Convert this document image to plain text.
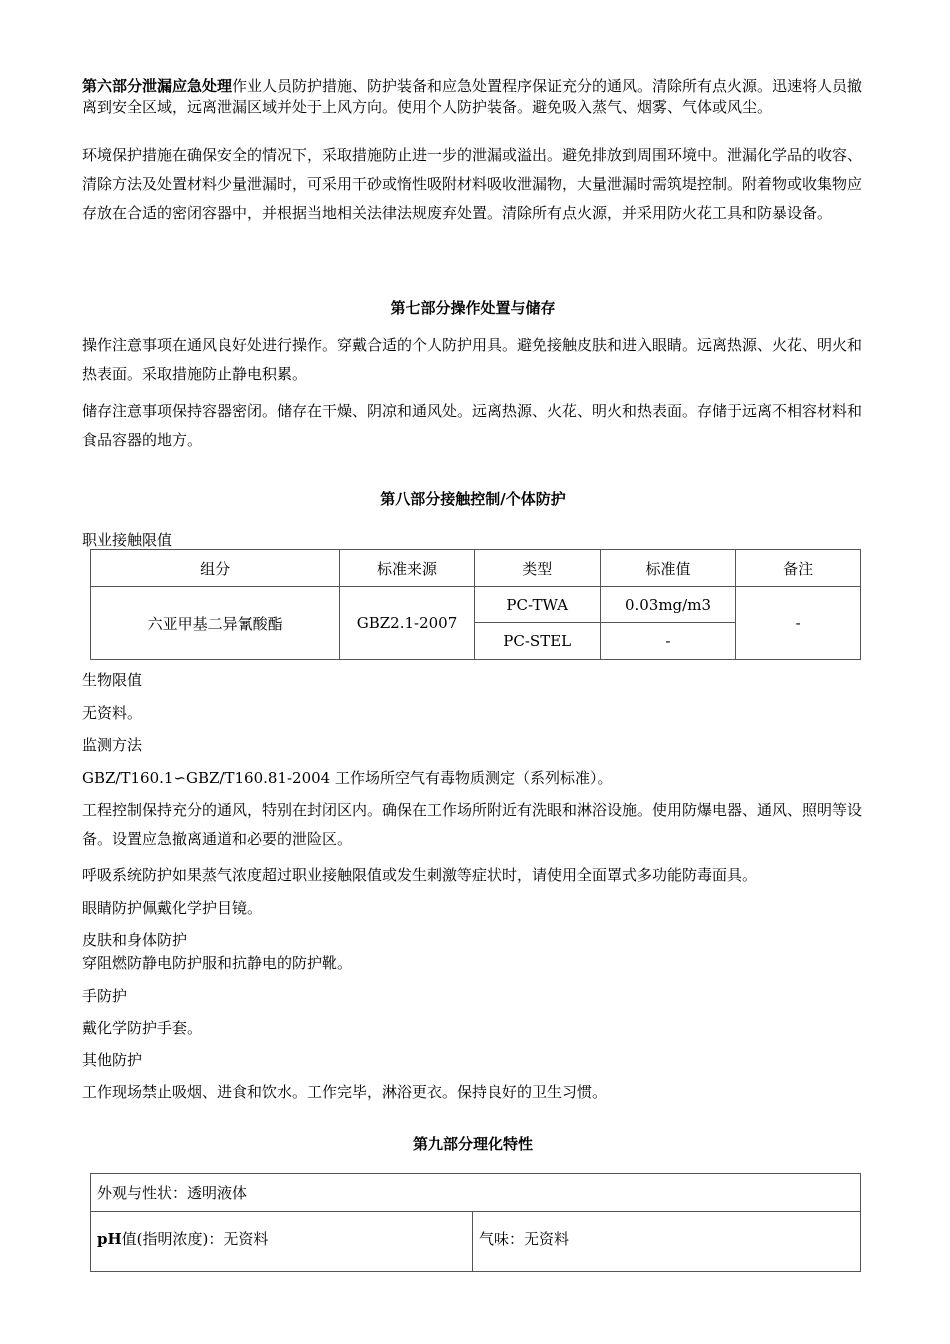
第六部分泄漏应急处理作业人员防护措施、防护装备和应急处置程序保证充分的通风。清除所有点火源。迅速将人员撤离到安全区域，远离泄漏区域并处于上风方向。使用个人防护装备。避免吸入蒸气、烟雾、气体或风尘。

环境保护措施在确保安全的情况下，采取措施防止进一步的泄漏或溢出。避免排放到周围环境中。泄漏化学品的收容、清除方法及处置材料少量泄漏时，可采用干砂或惰性吸附材料吸收泄漏物，大量泄漏时需筑堤控制。附着物或收集物应存放在合适的密闭容器中，并根据当地相关法律法规废弃处置。清除所有点火源，并采用防火花工具和防暴设备。

第七部分操作处置与储存

操作注意事项在通风良好处进行操作。穿戴合适的个人防护用具。避免接触皮肤和进入眼睛。远离热源、火花、明火和热表面。采取措施防止静电积累。

储存注意事项保持容器密闭。储存在干燥、阴凉和通风处。远离热源、火花、明火和热表面。存储于远离不相容材料和食品容器的地方。

第八部分接触控制/个体防护
职业接触限值
组分	标准来源	类型	标准值	备注
六亚甲基二异氰酸酯	GBZ2.1-2007	PC-TWA	0.03mg/m3	-
		PC-STEL	-	
生物限值
无资料。
监测方法
GBZ/T160.1∽GBZ/T160.81-2004 工作场所空气有毒物质测定（系列标准）。

工程控制保持充分的通风，特别在封闭区内。确保在工作场所附近有洗眼和淋浴设施。使用防爆电器、通风、照明等设备。设置应急撤离通道和必要的泄险区。

呼吸系统防护如果蒸气浓度超过职业接触限值或发生刺激等症状时，请使用全面罩式多功能防毒面具。

眼睛防护佩戴化学护目镜。

皮肤和身体防护
穿阻燃防静电防护服和抗静电的防护靴。
手防护
戴化学防护手套。
其他防护
工作现场禁止吸烟、进食和饮水。工作完毕，淋浴更衣。保持良好的卫生习惯。
第九部分理化特性
外观与性状：透明液体
pH值(指明浓度)：无资料	气味：无资料
